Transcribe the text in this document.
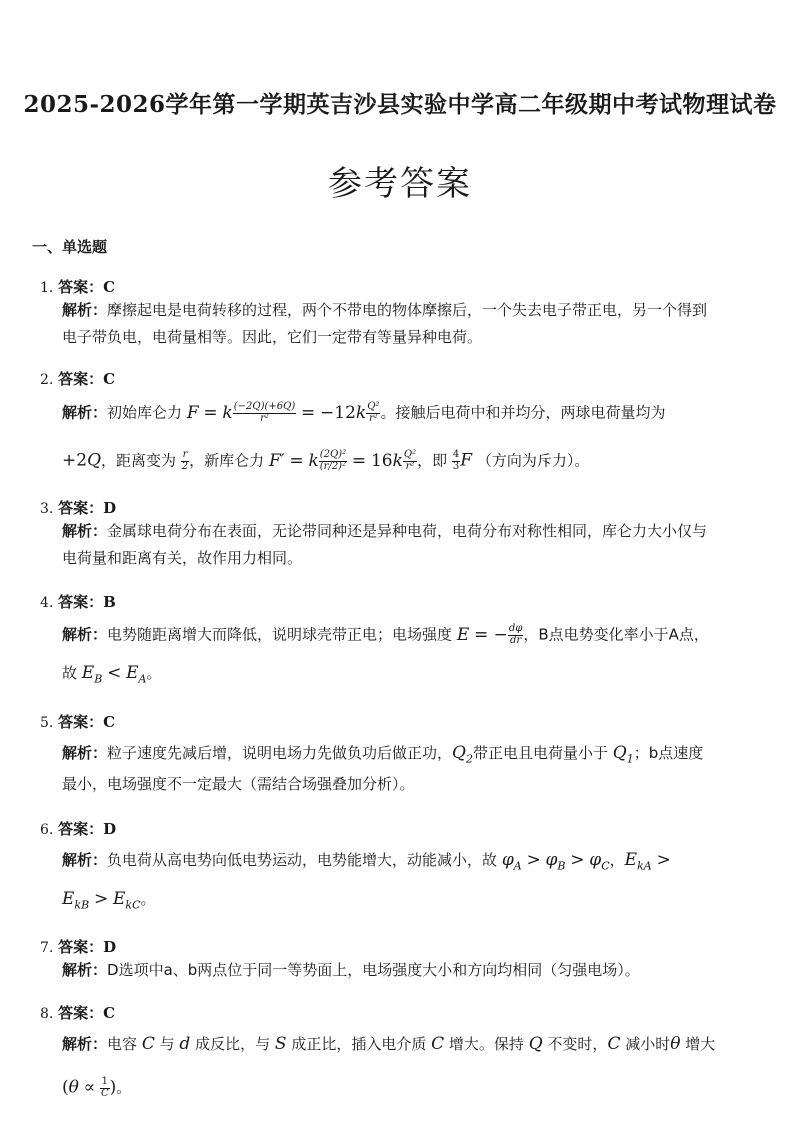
2025-2026学年第一学期英吉沙县实验中学高二年级期中考试物理试卷
参考答案
一、单选题
1. 答案：C
解析：摩擦起电是电荷转移的过程，两个不带电的物体摩擦后，一个失去电子带正电，另一个得到
电子带负电，电荷量相等。因此，它们一定带有等量异种电荷。
2. 答案：C
解析：初始库仑力 F = k $\frac{(-2Q)(+6Q)}{\text{r²}} = -12k \frac{\text{Q²}}{\text{r²}}$ 。接触后电荷中和并均分，两球电荷量均为
+2Q，距离变为 $\frac{r}{2}$ ，新库仑力 F′ = k $\frac{\text{(2Q)²}}{\text{(r/2)²}} = 16k \frac{\text{Q²}}{\text{r²}}$ ，即 $\frac{4}{3}$ F （方向为斥力）。
3. 答案：D
解析：金属球电荷分布在表面，无论带同种还是异种电荷，电荷分布对称性相同，库仑力大小仅与
电荷量和距离有关，故作用力相同。
4. 答案：B
解析：电势随距离增大而降低，说明球壳带正电；电场强度 E = − $\frac{d\varphi}{dr}$ ，B点电势变化率小于A点，
故 $E_B < E_A$。
5. 答案：C
解析：粒子速度先减后增，说明电场力先做负功后做正功，$Q_2$带正电且电荷量小于 $Q_1$；b点速度
最小，电场强度不一定最大（需结合场强叠加分析）。
6. 答案：D
解析：负电荷从高电势向低电势运动，电势能增大，动能减小，故 $\varphi_A > \varphi_B > \varphi_C$，$E_{kA}$ >
$E_{kB} > E_{kC}$。
7. 答案：D
解析：D选项中a、b两点位于同一等势面上，电场强度大小和方向均相同（匀强电场）。
8. 答案：C
解析：电容 C 与 d 成反比，与 S 成正比，插入电介质 C 增大。保持 Q 不变时，C 减小时θ 增大
($\theta \propto \frac{1}{C}$ )。
